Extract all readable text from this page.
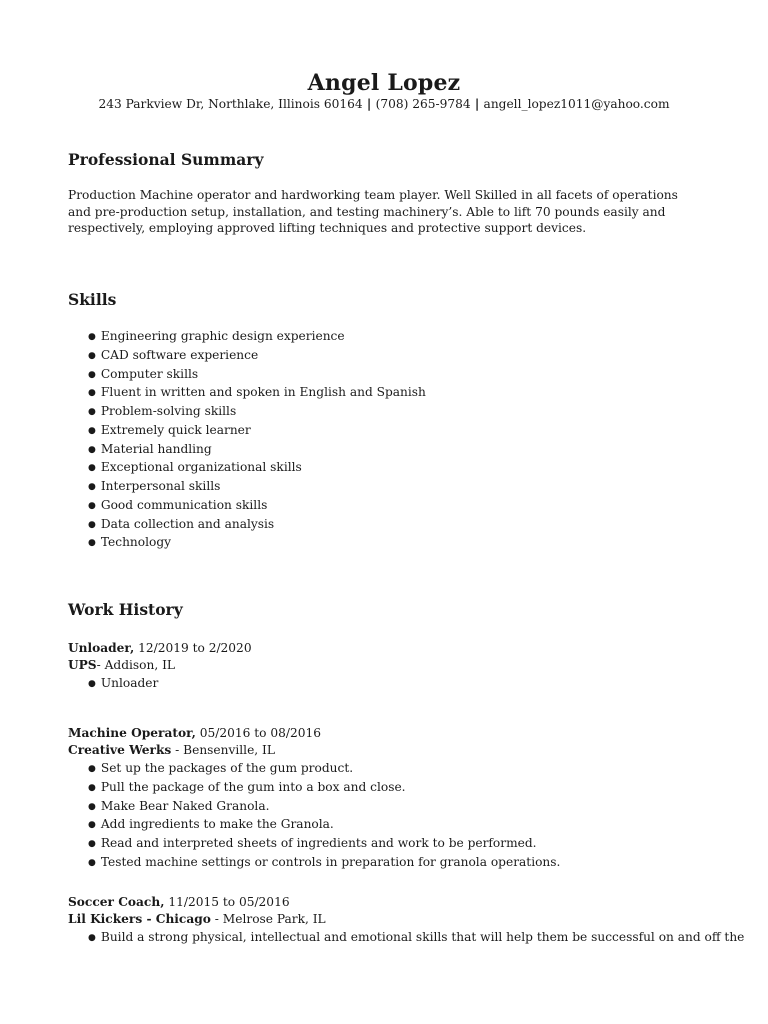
Angel Lopez
243 Parkview Dr, Northlake, Illinois 60164 | (708) 265-9784 | angell_lopez1011@yahoo.com
Professional Summary
Production Machine operator and hardworking team player. Well Skilled in all facets of operations and pre-production setup, installation, and testing machinery’s. Able to lift 70 pounds easily and respectively, employing approved lifting techniques and protective support devices.
Skills
● Engineering graphic design experience
● CAD software experience
● Computer skills
● Fluent in written and spoken in English and Spanish
● Problem-solving skills
● Extremely quick learner
● Material handling
● Exceptional organizational skills
● Interpersonal skills
● Good communication skills
● Data collection and analysis
● Technology
Work History
Unloader, 12/2019 to 2/2020
UPS- Addison, IL
● Unloader
Machine Operator, 05/2016 to 08/2016
Creative Werks - Bensenville, IL
● Set up the packages of the gum product.
● Pull the package of the gum into a box and close.
● Make Bear Naked Granola.
● Add ingredients to make the Granola.
● Read and interpreted sheets of ingredients and work to be performed.
● Tested machine settings or controls in preparation for granola operations.
Soccer Coach, 11/2015 to 05/2016
Lil Kickers - Chicago - Melrose Park, IL
● Build a strong physical, intellectual and emotional skills that will help them be successful on and off the
